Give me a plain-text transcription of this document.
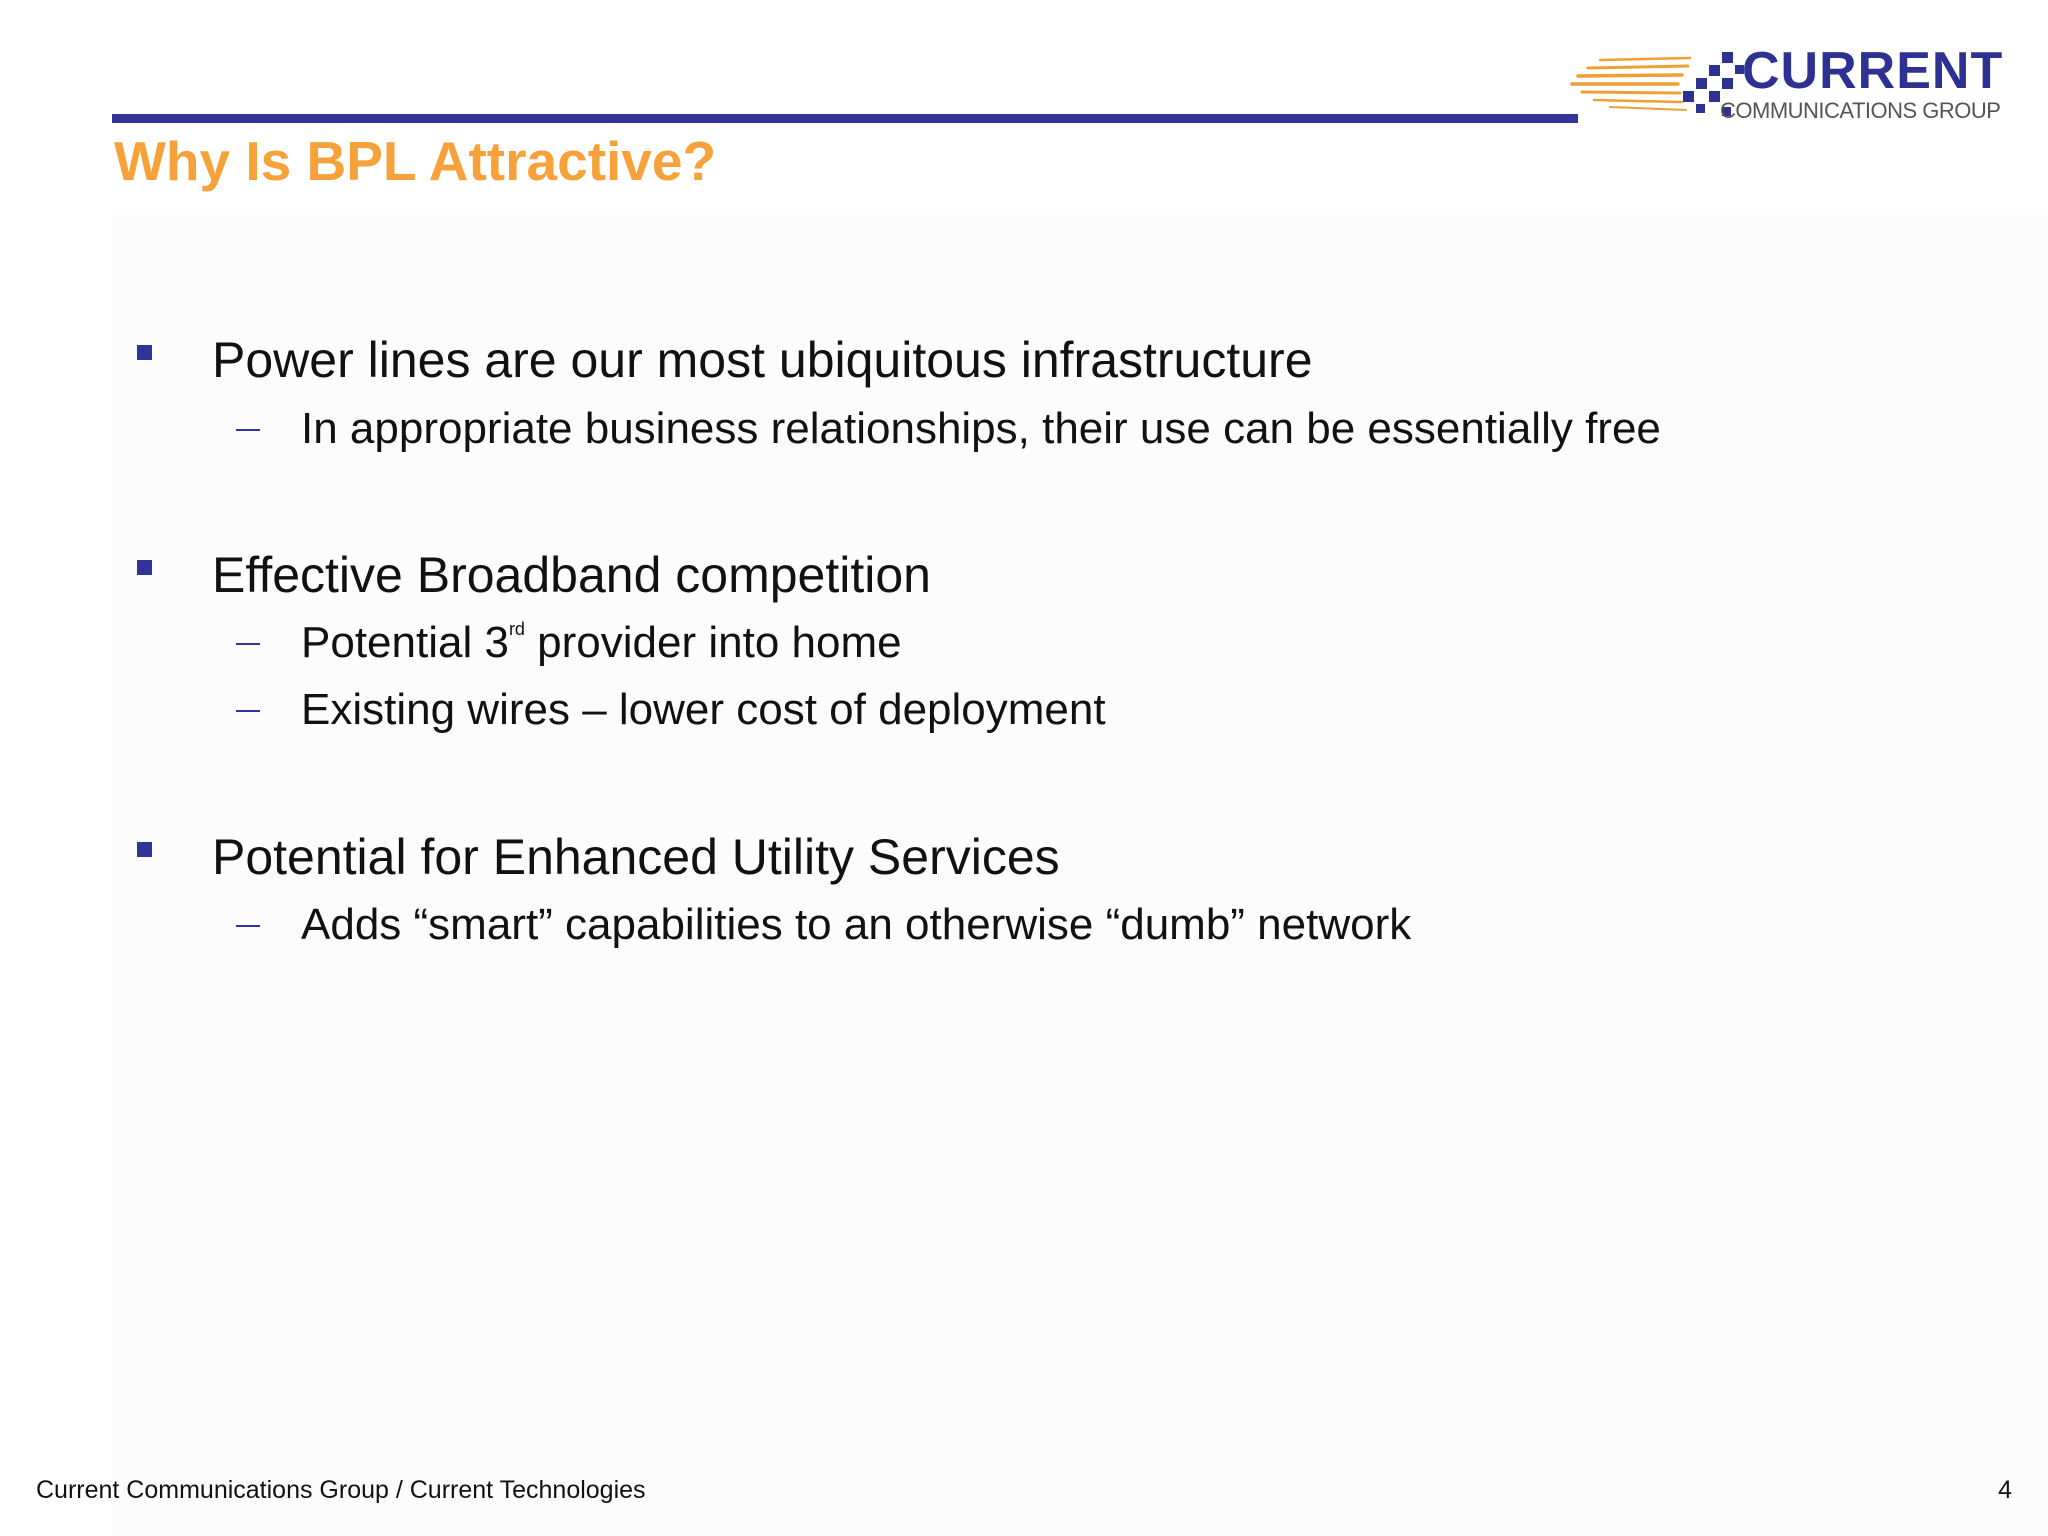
Why Is BPL Attractive?
CURRENT
COMMUNICATIONS GROUP
Power lines are our most ubiquitous infrastructure
In appropriate business relationships, their use can be essentially free
Effective Broadband competition
Potential 3rd provider into home
Existing wires – lower cost of deployment
Potential for Enhanced Utility Services
Adds “smart” capabilities to an otherwise “dumb” network
Current Communications Group / Current Technologies	4
